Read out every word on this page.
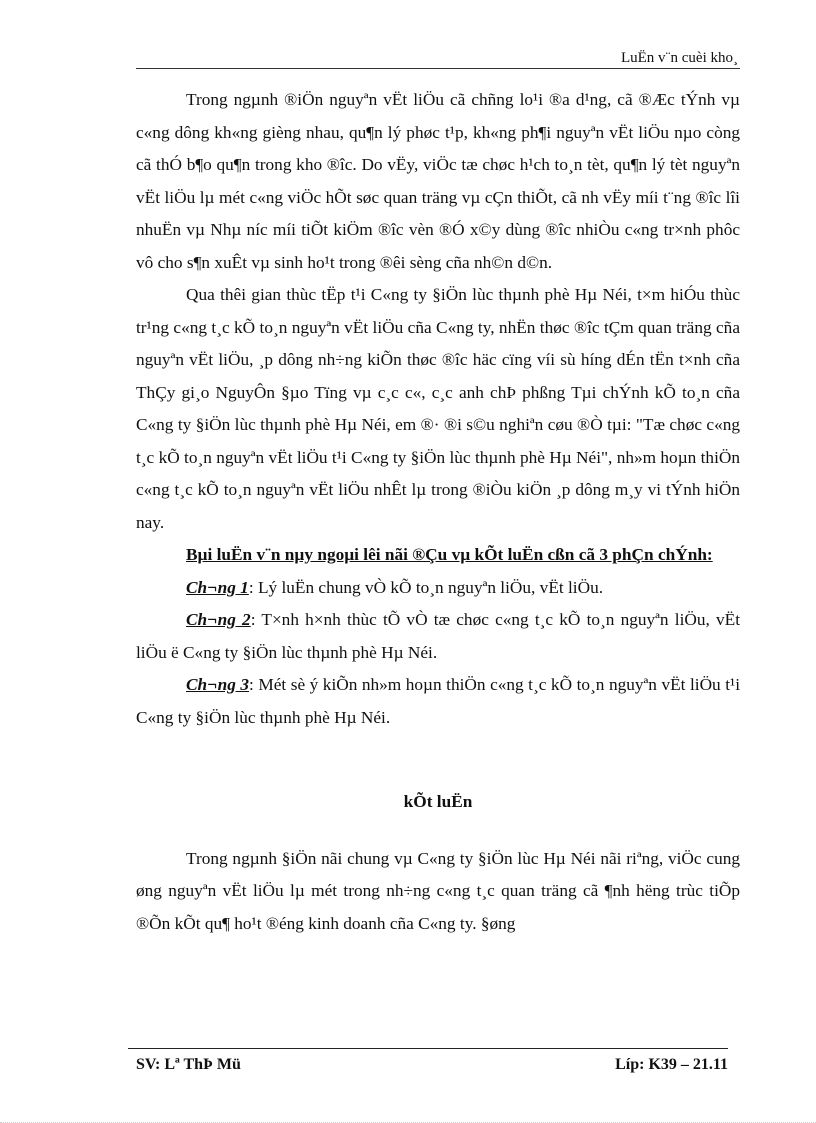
LuËn v¨n cuèi kho¸

Trong ngµnh ®iÖn nguyªn vËt liÖu cã chñng lo¹i ®a d¹ng, cã ®Æc tÝnh vµ c«ng dông kh«ng gièng nhau, qu¶n lý phøc t¹p, kh«ng ph¶i nguyªn vËt liÖu nµo còng cã thÓ b¶o qu¶n trong kho ®îc. Do vËy, viÖc tæ chøc h¹ch to¸n tèt, qu¶n lý tèt nguyªn vËt liÖu lµ mét c«ng viÖc hÕt søc quan träng vµ cÇn thiÕt, cã nh vËy míi t¨ng ®îc lîi nhuËn vµ Nhµ níc míi tiÕt kiÖm ®îc vèn ®Ó x©y dùng ®îc nhiÒu c«ng tr×nh phôc vô cho s¶n xuÊt vµ sinh ho¹t trong ®êi sèng cña nh©n d©n.

Qua thêi gian thùc tËp t¹i C«ng ty §iÖn lùc thµnh phè Hµ Néi, t×m hiÓu thùc tr¹ng c«ng t¸c kÕ to¸n nguyªn vËt liÖu cña C«ng ty, nhËn thøc ®îc tÇm quan träng cña nguyªn vËt liÖu, ¸p dông nh÷ng kiÕn thøc ®îc häc cïng víi sù híng dÉn tËn t×nh cña ThÇy gi¸o NguyÔn §µo Tïng vµ c¸c c«, c¸c anh chÞ phßng Tµi chÝnh kÕ to¸n cña C«ng ty §iÖn lùc thµnh phè Hµ Néi, em ®· ®i s©u nghiªn cøu ®Ò tµi: "Tæ chøc c«ng t¸c kÕ to¸n nguyªn vËt liÖu t¹i C«ng ty §iÖn lùc thµnh phè Hµ Néi", nh»m hoµn thiÖn c«ng t¸c kÕ to¸n nguyªn vËt liÖu nhÊt lµ trong ®iÒu kiÖn ¸p dông m¸y vi tÝnh hiÖn nay.

Bµi luËn v¨n nµy ngoµi lêi nãi ®Çu vµ kÕt luËn cßn cã 3 phÇn chÝnh:

Ch¬ng 1: Lý luËn chung vÒ kÕ to¸n nguyªn liÖu, vËt liÖu.

Ch¬ng 2: T×nh h×nh thùc tÕ vÒ tæ chøc c«ng t¸c kÕ to¸n nguyªn liÖu, vËt liÖu ë C«ng ty §iÖn lùc thµnh phè Hµ Néi.

Ch¬ng 3: Mét sè ý kiÕn nh»m hoµn thiÖn c«ng t¸c kÕ to¸n nguyªn vËt liÖu t¹i C«ng ty §iÖn lùc thµnh phè Hµ Néi.

kÕt luËn

Trong ngµnh §iÖn nãi chung vµ C«ng ty §iÖn lùc Hµ Néi nãi riªng, viÖc cung øng nguyªn vËt liÖu lµ mét trong nh÷ng c«ng t¸c quan träng cã ¶nh hëng trùc tiÕp ®Õn kÕt qu¶ ho¹t ®éng kinh doanh cña C«ng ty. §øng

SV: Lª ThÞ Mü	Líp: K39 – 21.11
